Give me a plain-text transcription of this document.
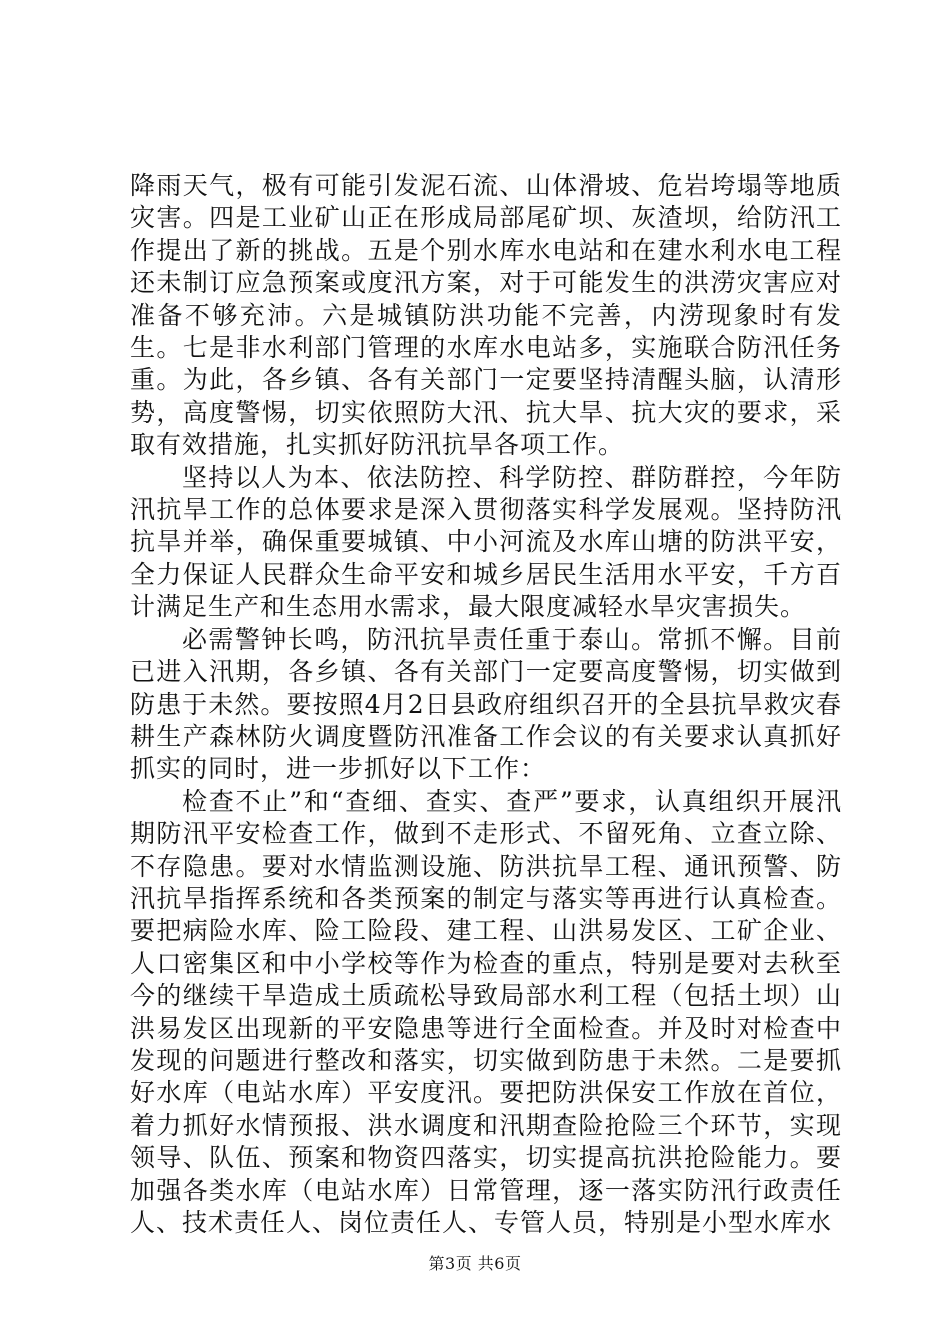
降雨天气，极有可能引发泥石流、山体滑坡、危岩垮塌等地质灾害。四是工业矿山正在形成局部尾矿坝、灰渣坝，给防汛工作提出了新的挑战。五是个别水库水电站和在建水利水电工程还未制订应急预案或度汛方案，对于可能发生的洪涝灾害应对准备不够充沛。六是城镇防洪功能不完善，内涝现象时有发生。七是非水利部门管理的水库水电站多，实施联合防汛任务重。为此，各乡镇、各有关部门一定要坚持清醒头脑，认清形势，高度警惕，切实依照防大汛、抗大旱、抗大灾的要求，采取有效措施，扎实抓好防汛抗旱各项工作。

坚持以人为本、依法防控、科学防控、群防群控，今年防汛抗旱工作的总体要求是深入贯彻落实科学发展观。坚持防汛抗旱并举，确保重要城镇、中小河流及水库山塘的防洪平安，全力保证人民群众生命平安和城乡居民生活用水平安，千方百计满足生产和生态用水需求，最大限度减轻水旱灾害损失。

必需警钟长鸣，防汛抗旱责任重于泰山。常抓不懈。目前已进入汛期，各乡镇、各有关部门一定要高度警惕，切实做到防患于未然。要按照4月2日县政府组织召开的全县抗旱救灾春耕生产森林防火调度暨防汛准备工作会议的有关要求认真抓好抓实的同时，进一步抓好以下工作：

检查不止”和“查细、查实、查严”要求，认真组织开展汛期防汛平安检查工作，做到不走形式、不留死角、立查立除、不存隐患。要对水情监测设施、防洪抗旱工程、通讯预警、防汛抗旱指挥系统和各类预案的制定与落实等再进行认真检查。要把病险水库、险工险段、建工程、山洪易发区、工矿企业、人口密集区和中小学校等作为检查的重点，特别是要对去秋至今的继续干旱造成土质疏松导致局部水利工程（包括土坝）山洪易发区出现新的平安隐患等进行全面检查。并及时对检查中发现的问题进行整改和落实，切实做到防患于未然。二是要抓好水库（电站水库）平安度汛。要把防洪保安工作放在首位，着力抓好水情预报、洪水调度和汛期查险抢险三个环节，实现领导、队伍、预案和物资四落实，切实提高抗洪抢险能力。要加强各类水库（电站水库）日常管理，逐一落实防汛行政责任人、技术责任人、岗位责任人、专管人员，特别是小型水库水

第3页 共6页
